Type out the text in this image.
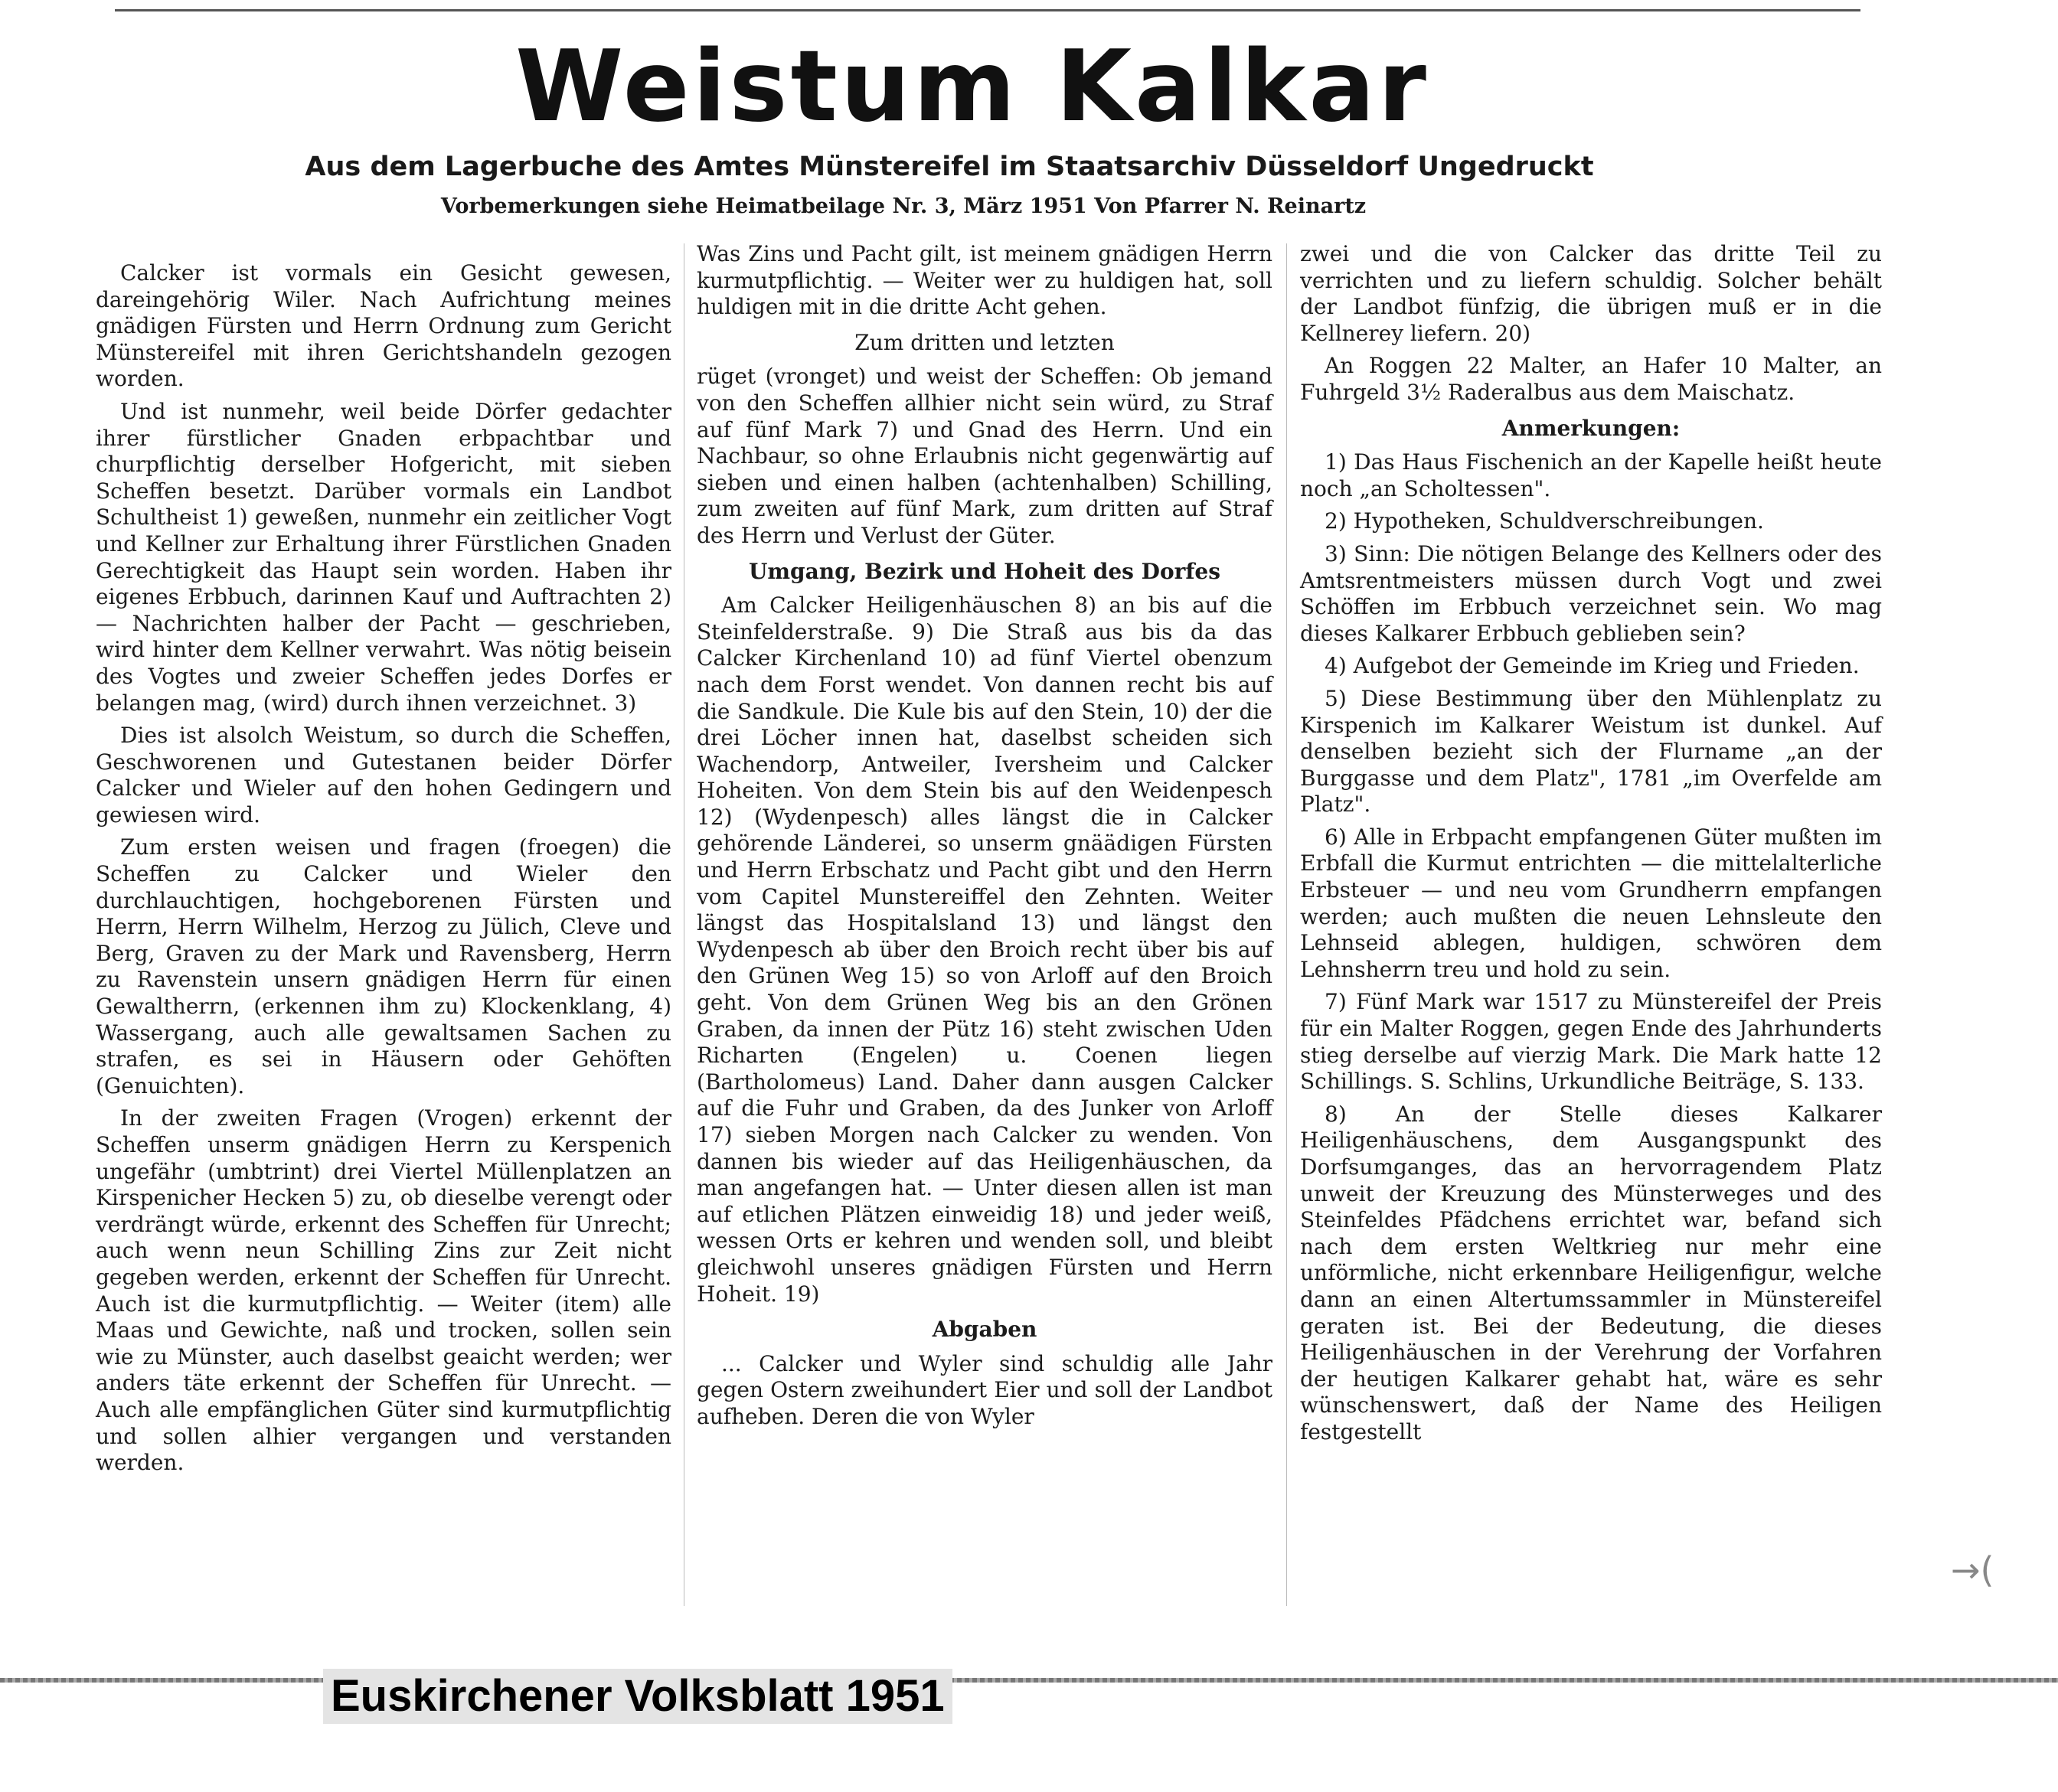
Weistum Kalkar
Aus dem Lagerbuche des Amtes Münstereifel im Staatsarchiv Düsseldorf Ungedruckt
Vorbemerkungen siehe Heimatbeilage Nr. 3, März 1951 Von Pfarrer N. Reinartz

Calcker ist vormals ein Gesicht gewesen, dareingehörig Wiler. Nach Aufrichtung meines gnädigen Fürsten und Herrn Ordnung zum Gericht Münstereifel mit ihren Gerichtshandeln gezogen worden.

Und ist nunmehr, weil beide Dörfer gedachter ihrer fürstlicher Gnaden erbpachtbar und churpflichtig derselber Hofgericht, mit sieben Scheffen besetzt. Darüber vormals ein Landbot Schultheist 1) geweßen, nunmehr ein zeitlicher Vogt und Kellner zur Erhaltung ihrer Fürstlichen Gnaden Gerechtigkeit das Haupt sein worden. Haben ihr eigenes Erbbuch, darinnen Kauf und Auftrachten 2) — Nachrichten halber der Pacht — geschrieben, wird hinter dem Kellner verwahrt. Was nötig beisein des Vogtes und zweier Scheffen jedes Dorfes er belangen mag, (wird) durch ihnen verzeichnet. 3)

Dies ist alsolch Weistum, so durch die Scheffen, Geschworenen und Gutestanen beider Dörfer Calcker und Wieler auf den hohen Gedingern und gewiesen wird.

Zum ersten weisen und fragen (froegen) die Scheffen zu Calcker und Wieler den durchlauchtigen, hochgeborenen Fürsten und Herrn, Herrn Wilhelm, Herzog zu Jülich, Cleve und Berg, Graven zu der Mark und Ravensberg, Herrn zu Ravenstein unsern gnädigen Herrn für einen Gewaltherrn, (erkennen ihm zu) Klockenklang, 4) Wassergang, auch alle gewaltsamen Sachen zu strafen, es sei in Häusern oder Gehöften (Genuichten).

In der zweiten Fragen (Vrogen) erkennt der Scheffen unserm gnädigen Herrn zu Kerspenich ungefähr (umbtrint) drei Viertel Müllenplatzen an Kirspenicher Hecken 5) zu, ob dieselbe verengt oder verdrängt würde, erkennt des Scheffen für Unrecht; auch wenn neun Schilling Zins zur Zeit nicht gegeben werden, erkennt der Scheffen für Unrecht. Auch ist die kurmutpflichtig. — Weiter (item) alle Maas und Gewichte, naß und trocken, sollen sein wie zu Münster, auch daselbst geaicht werden; wer anders täte erkennt der Scheffen für Unrecht. — Auch alle empfänglichen Güter sind kurmutpflichtig und sollen alhier vergangen und verstanden werden.

Was Zins und Pacht gilt, ist meinem gnädigen Herrn kurmutpflichtig. — Weiter wer zu huldigen hat, soll huldigen mit in die dritte Acht gehen.

Zum dritten und letzten

rüget (vronget) und weist der Scheffen: Ob jemand von den Scheffen allhier nicht sein würd, zu Straf auf fünf Mark 7) und Gnad des Herrn. Und ein Nachbaur, so ohne Erlaubnis nicht gegenwärtig auf sieben und einen halben (achtenhalben) Schilling, zum zweiten auf fünf Mark, zum dritten auf Straf des Herrn und Verlust der Güter.

Umgang, Bezirk und Hoheit des Dorfes

Am Calcker Heiligenhäuschen 8) an bis auf die Steinfelderstraße. 9) Die Straß aus bis da das Calcker Kirchenland 10) ad fünf Viertel obenzum nach dem Forst wendet. Von dannen recht bis auf die Sandkule. Die Kule bis auf den Stein, 10) der die drei Löcher innen hat, daselbst scheiden sich Wachendorp, Antweiler, Iversheim und Calcker Hoheiten. Von dem Stein bis auf den Weidenpesch 12) (Wydenpesch) alles längst die in Calcker gehörende Länderei, so unserm gnäädigen Fürsten und Herrn Erbschatz und Pacht gibt und den Herrn vom Capitel Munstereiffel den Zehnten. Weiter längst das Hospitalsland 13) und längst den Wydenpesch ab über den Broich recht über bis auf den Grünen Weg 15) so von Arloff auf den Broich geht. Von dem Grünen Weg bis an den Grönen Graben, da innen der Pütz 16) steht zwischen Uden Richarten (Engelen) u. Coenen liegen (Bartholomeus) Land. Daher dann ausgen Calcker auf die Fuhr und Graben, da des Junker von Arloff 17) sieben Morgen nach Calcker zu wenden. Von dannen bis wieder auf das Heiligenhäuschen, da man angefangen hat. — Unter diesen allen ist man auf etlichen Plätzen einweidig 18) und jeder weiß, wessen Orts er kehren und wenden soll, und bleibt gleichwohl unseres gnädigen Fürsten und Herrn Hoheit. 19)

Abgaben

... Calcker und Wyler sind schuldig alle Jahr gegen Ostern zweihundert Eier und soll der Landbot aufheben. Deren die von Wyler

zwei und die von Calcker das dritte Teil zu verrichten und zu liefern schuldig. Solcher behält der Landbot fünfzig, die übrigen muß er in die Kellnerey liefern. 20)

An Roggen 22 Malter, an Hafer 10 Malter, an Fuhrgeld 3½ Raderalbus aus dem Maischatz.

Anmerkungen:

1) Das Haus Fischenich an der Kapelle heißt heute noch „an Scholtessen".

2) Hypotheken, Schuldverschreibungen.

3) Sinn: Die nötigen Belange des Kellners oder des Amtsrentmeisters müssen durch Vogt und zwei Schöffen im Erbbuch verzeichnet sein. Wo mag dieses Kalkarer Erbbuch geblieben sein?

4) Aufgebot der Gemeinde im Krieg und Frieden.

5) Diese Bestimmung über den Mühlenplatz zu Kirspenich im Kalkarer Weistum ist dunkel. Auf denselben bezieht sich der Flurname „an der Burggasse und dem Platz", 1781 „im Overfelde am Platz".

6) Alle in Erbpacht empfangenen Güter mußten im Erbfall die Kurmut entrichten — die mittelalterliche Erbsteuer — und neu vom Grundherrn empfangen werden; auch mußten die neuen Lehnsleute den Lehnseid ablegen, huldigen, schwören dem Lehnsherrn treu und hold zu sein.

7) Fünf Mark war 1517 zu Münstereifel der Preis für ein Malter Roggen, gegen Ende des Jahrhunderts stieg derselbe auf vierzig Mark. Die Mark hatte 12 Schillings. S. Schlins, Urkundliche Beiträge, S. 133.

8) An der Stelle dieses Kalkarer Heiligenhäuschens, dem Ausgangspunkt des Dorfsumganges, das an hervorragendem Platz unweit der Kreuzung des Münsterweges und des Steinfeldes Pfädchens errichtet war, befand sich nach dem ersten Weltkrieg nur mehr eine unförmliche, nicht erkennbare Heiligenfigur, welche dann an einen Altertumssammler in Münstereifel geraten ist. Bei der Bedeutung, die dieses Heiligenhäuschen in der Verehrung der Vorfahren der heutigen Kalkarer gehabt hat, wäre es sehr wünschenswert, daß der Name des Heiligen festgestellt

→(
Euskirchener Volksblatt 1951
